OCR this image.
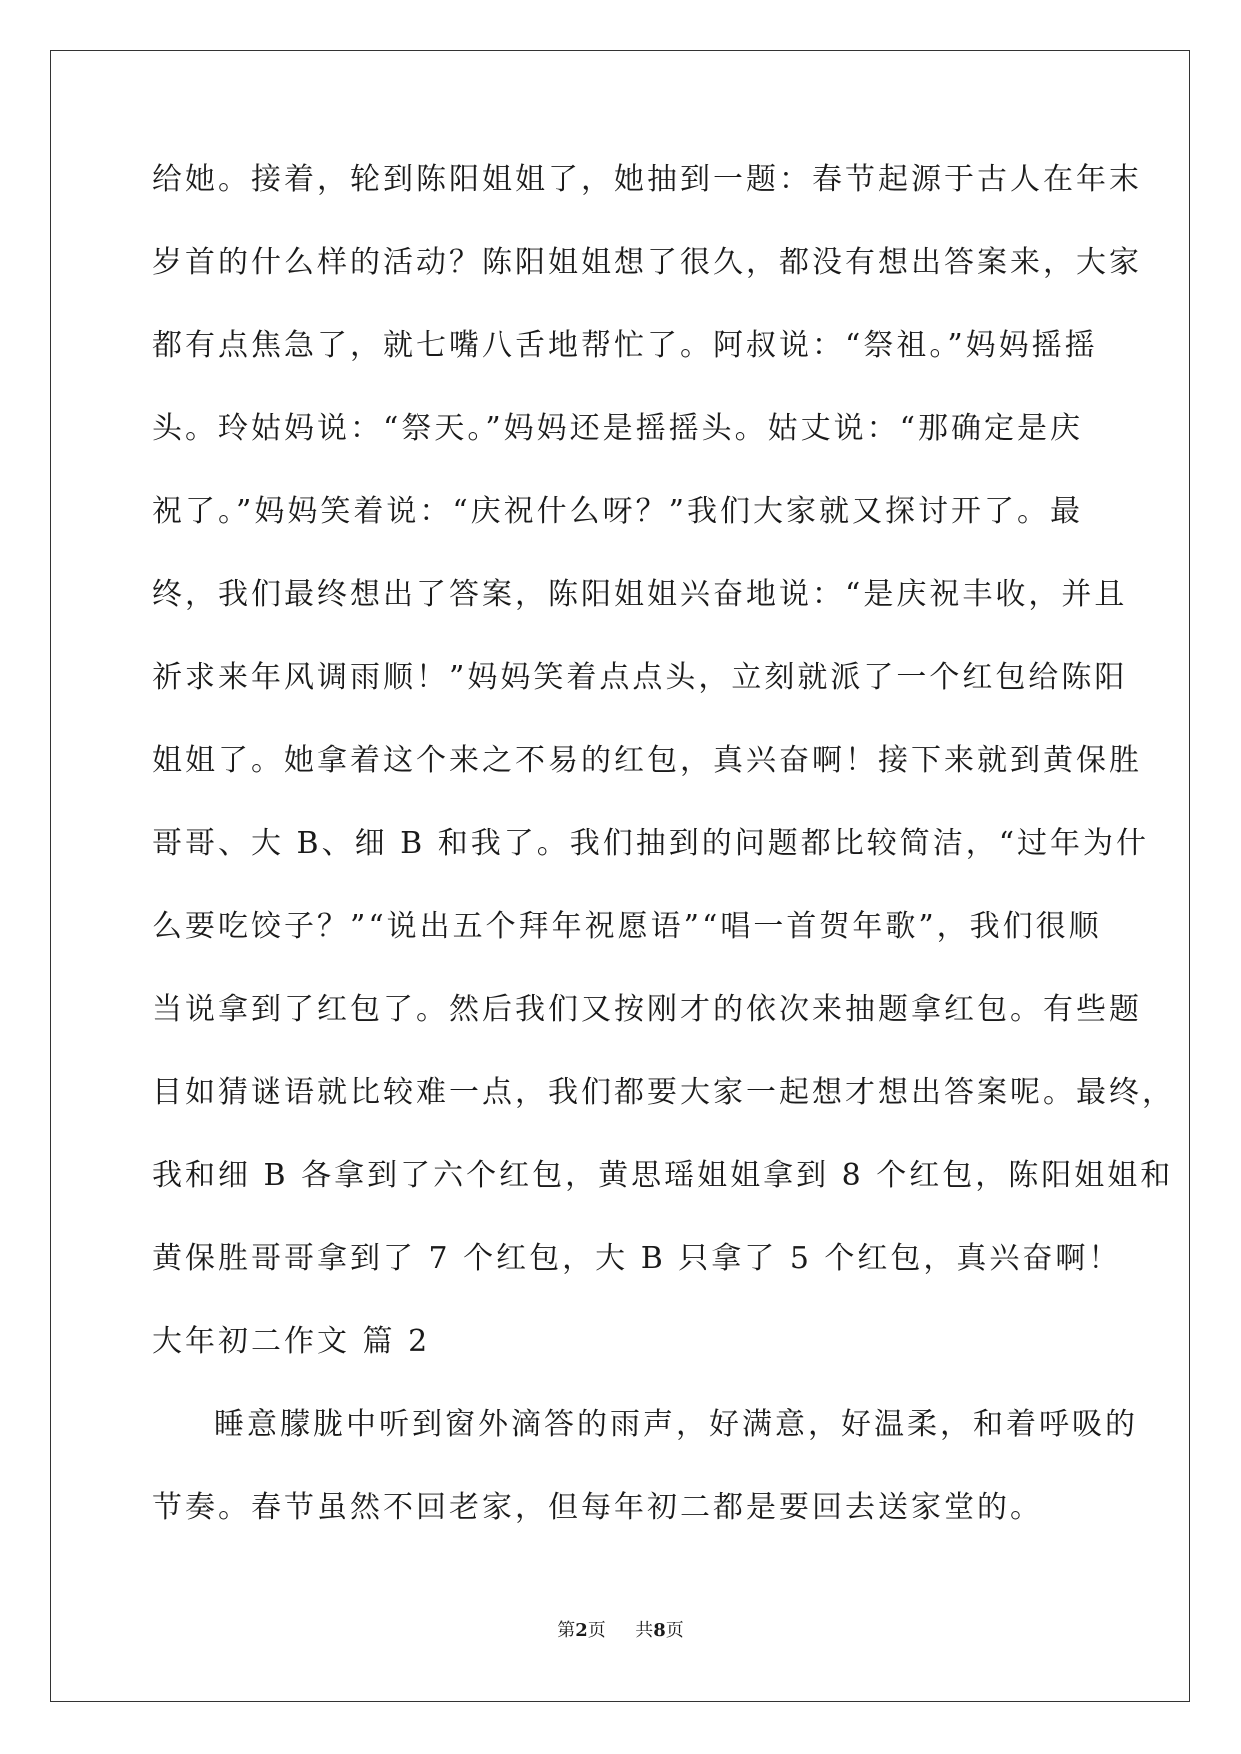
给她。接着，轮到陈阳姐姐了，她抽到一题：春节起源于古人在年末
岁首的什么样的活动？陈阳姐姐想了很久，都没有想出答案来，大家
都有点焦急了，就七嘴八舌地帮忙了。阿叔说：“祭祖。”妈妈摇摇
头。玲姑妈说：“祭天。”妈妈还是摇摇头。姑丈说：“那确定是庆
祝了。”妈妈笑着说：“庆祝什么呀？”我们大家就又探讨开了。最
终，我们最终想出了答案，陈阳姐姐兴奋地说：“是庆祝丰收，并且
祈求来年风调雨顺！”妈妈笑着点点头，立刻就派了一个红包给陈阳
姐姐了。她拿着这个来之不易的红包，真兴奋啊！接下来就到黄保胜
哥哥、大 B、细 B 和我了。我们抽到的问题都比较简洁，“过年为什
么要吃饺子？”“说出五个拜年祝愿语”“唱一首贺年歌”，我们很顺
当说拿到了红包了。然后我们又按刚才的依次来抽题拿红包。有些题
目如猜谜语就比较难一点，我们都要大家一起想才想出答案呢。最终，
我和细 B 各拿到了六个红包，黄思瑶姐姐拿到 8 个红包，陈阳姐姐和
黄保胜哥哥拿到了 7 个红包，大 B 只拿了 5 个红包，真兴奋啊！
大年初二作文 篇 2
睡意朦胧中听到窗外滴答的雨声，好满意，好温柔，和着呼吸的
节奏。春节虽然不回老家，但每年初二都是要回去送家堂的。
第2页 共8页
